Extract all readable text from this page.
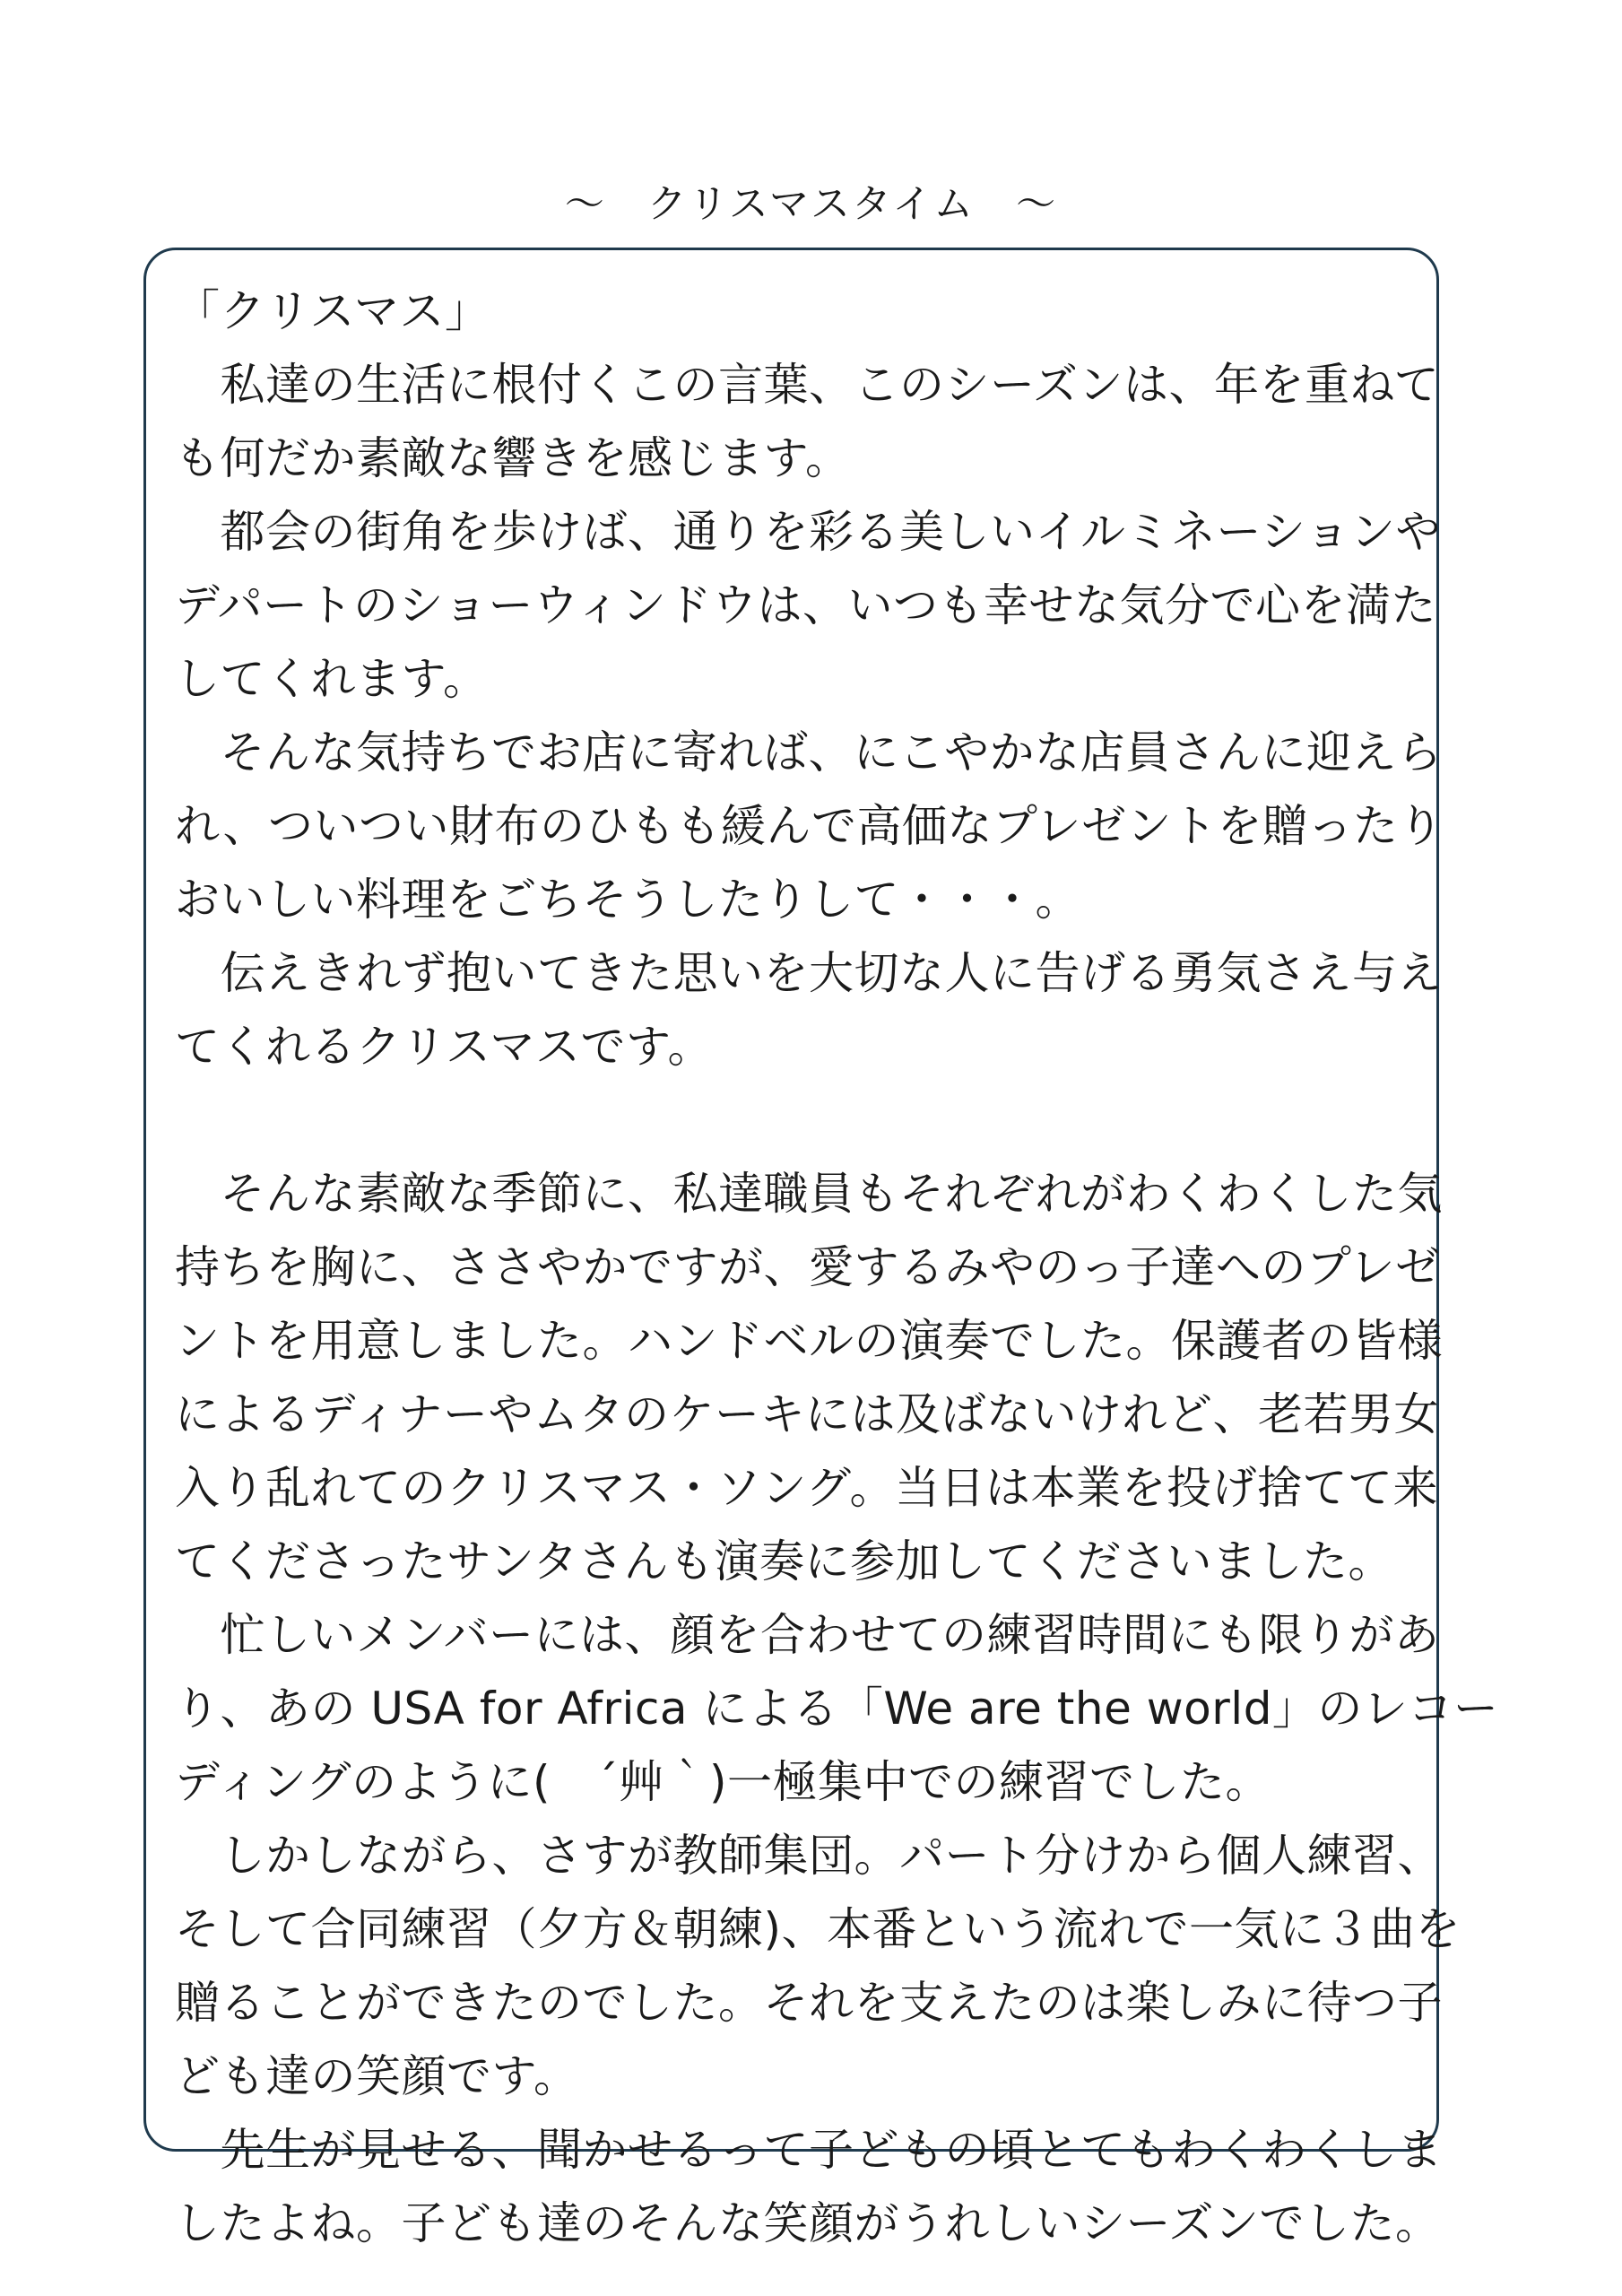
～　クリスマスタイム　～
「クリスマス」
　私達の生活に根付くこの言葉、このシーズンは、年を重ねて
も何だか素敵な響きを感じます。
　都会の街角を歩けば、通りを彩る美しいイルミネーションや
デパートのショーウィンドウは、いつも幸せな気分で心を満た
してくれます。
　そんな気持ちでお店に寄れば、にこやかな店員さんに迎えら
れ、ついつい財布のひもも緩んで高価なプレゼントを贈ったり
おいしい料理をごちそうしたりして・・・。
　伝えきれず抱いてきた思いを大切な人に告げる勇気さえ与え
てくれるクリスマスです。
　そんな素敵な季節に、私達職員もそれぞれがわくわくした気
持ちを胸に、ささやかですが、愛するみやのっ子達へのプレゼ
ントを用意しました。ハンドベルの演奏でした。保護者の皆様
によるディナーやムタのケーキには及ばないけれど、老若男女
入り乱れてのクリスマス・ソング。当日は本業を投げ捨てて来
てくださったサンタさんも演奏に参加してくださいました。
　忙しいメンバーには、顔を合わせての練習時間にも限りがあ
り、あの USA for Africa による「We are the world」のレコー
ディングのように(　´艸｀)一極集中での練習でした。
　しかしながら、さすが教師集団。パート分けから個人練習、
そして合同練習（夕方＆朝練)、本番という流れで一気に３曲を
贈ることができたのでした。それを支えたのは楽しみに待つ子
ども達の笑顔です。
　先生が見せる、聞かせるって子どもの頃とてもわくわくしま
したよね。子ども達のそんな笑顔がうれしいシーズンでした。
